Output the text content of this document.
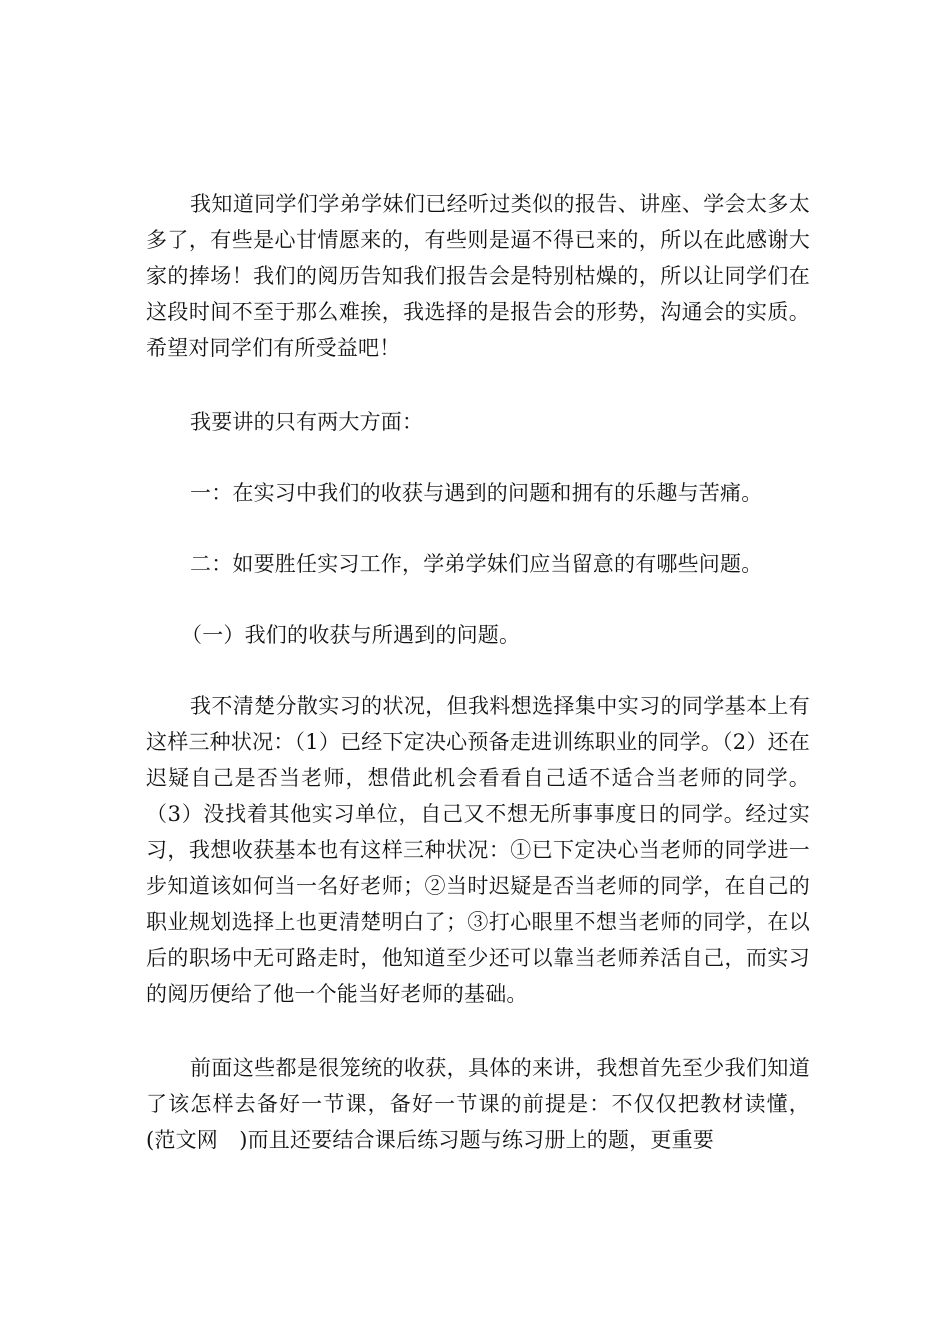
我知道同学们学弟学妹们已经听过类似的报告、讲座、学会太多太多了，有些是心甘情愿来的，有些则是逼不得已来的，所以在此感谢大家的捧场！我们的阅历告知我们报告会是特别枯燥的，所以让同学们在这段时间不至于那么难挨，我选择的是报告会的形势，沟通会的实质。希望对同学们有所受益吧！

我要讲的只有两大方面：

一：在实习中我们的收获与遇到的问题和拥有的乐趣与苦痛。

二：如要胜任实习工作，学弟学妹们应当留意的有哪些问题。

（一）我们的收获与所遇到的问题。

我不清楚分散实习的状况，但我料想选择集中实习的同学基本上有这样三种状况：（1）已经下定决心预备走进训练职业的同学。（2）还在迟疑自己是否当老师，想借此机会看看自己适不适合当老师的同学。（3）没找着其他实习单位，自己又不想无所事事度日的同学。经过实习，我想收获基本也有这样三种状况：①已下定决心当老师的同学进一步知道该如何当一名好老师；②当时迟疑是否当老师的同学，在自己的职业规划选择上也更清楚明白了；③打心眼里不想当老师的同学，在以后的职场中无可路走时，他知道至少还可以靠当老师养活自己，而实习的阅历便给了他一个能当好老师的基础。

前面这些都是很笼统的收获，具体的来讲，我想首先至少我们知道了该怎样去备好一节课，备好一节课的前提是：不仅仅把教材读懂，(范文网　)而且还要结合课后练习题与练习册上的题，更重要
